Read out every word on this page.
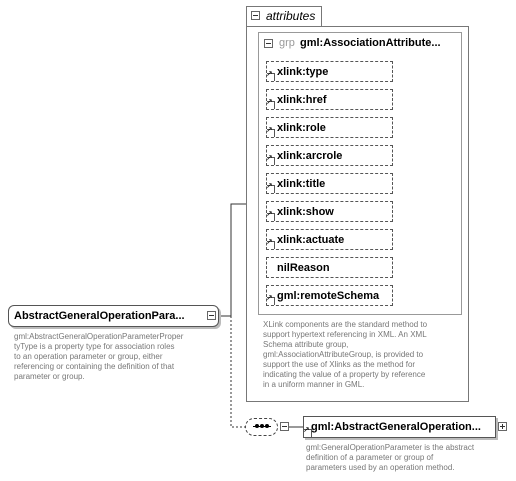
attributes
grp gml:AssociationAttribute...
xlink:type
↗
xlink:href
↗
xlink:role
↗
xlink:arcrole
↗
xlink:title
↗
xlink:show
↗
xlink:actuate
↗
nilReason
gml:remoteSchema
↗
XLink components are the standard method to
support hypertext referencing in XML. An XML
Schema attribute group,
gml:AssociationAttributeGroup, is provided to
support the use of Xlinks as the method for
indicating the value of a property by reference
in a uniform manner in GML.
AbstractGeneralOperationPara...
gml:AbstractGeneralOperationParameterProper
tyType is a property type for association roles
to an operation parameter or group, either
referencing or containing the definition of that
parameter or group.
↗
gml:AbstractGeneralOperation...
gml:GeneralOperationParameter is the abstract
definition of a parameter or group of
parameters used by an operation method.
